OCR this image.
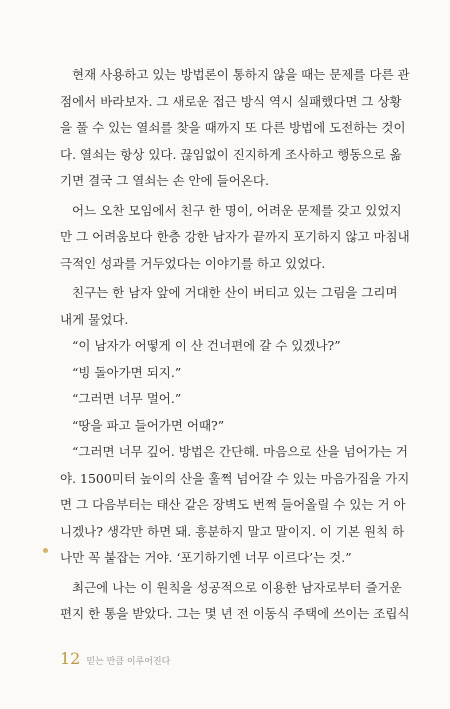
현재 사용하고 있는 방법론이 통하지 않을 때는 문제를 다른 관
점에서 바라보자. 그 새로운 접근 방식 역시 실패했다면 그 상황
을 풀 수 있는 열쇠를 찾을 때까지 또 다른 방법에 도전하는 것이
다. 열쇠는 항상 있다. 끊임없이 진지하게 조사하고 행동으로 옮
기면 결국 그 열쇠는 손 안에 들어온다.

어느 오찬 모임에서 친구 한 명이, 어려운 문제를 갖고 있었지
만 그 어려움보다 한층 강한 남자가 끝까지 포기하지 않고 마침내
극적인 성과를 거두었다는 이야기를 하고 있었다.

친구는 한 남자 앞에 거대한 산이 버티고 있는 그림을 그리며
내게 물었다.

“이 남자가 어떻게 이 산 건너편에 갈 수 있겠나?”

“빙 돌아가면 되지.”

“그러면 너무 멀어.”

“땅을 파고 들어가면 어때?”

“그러면 너무 깊어. 방법은 간단해. 마음으로 산을 넘어가는 거
야. 1500미터 높이의 산을 훌쩍 넘어갈 수 있는 마음가짐을 가지
면 그 다음부터는 태산 같은 장벽도 번쩍 들어올릴 수 있는 거 아
니겠나? 생각만 하면 돼. 흥분하지 말고 말이지. 이 기본 원칙 하
나만 꼭 붙잡는 거야. ‘포기하기엔 너무 이르다’는 것.”

최근에 나는 이 원칙을 성공적으로 이용한 남자로부터 즐거운
편지 한 통을 받았다. 그는 몇 년 전 이동식 주택에 쓰이는 조립식

12 믿는 만큼 이루어진다
